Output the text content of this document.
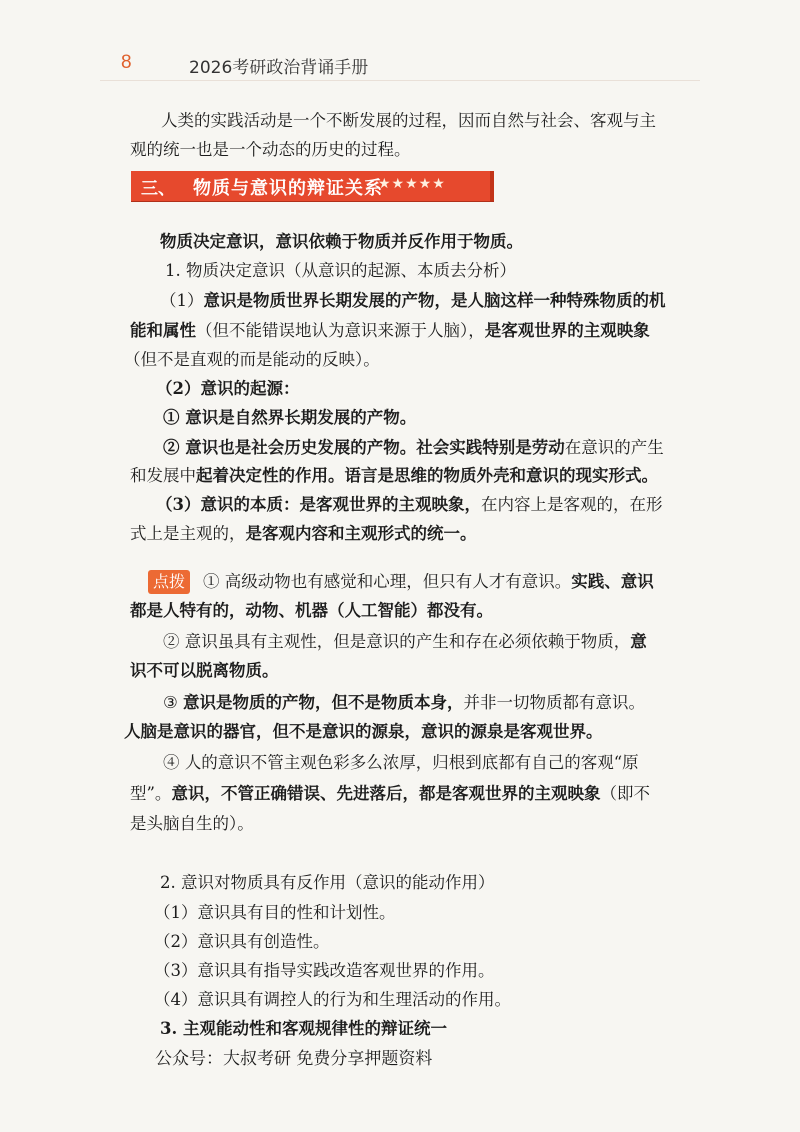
8	2026考研政治背诵手册
人类的实践活动是一个不断发展的过程，因而自然与社会、客观与主
观的统一也是一个动态的历史的过程。
三、 物质与意识的辩证关系
★★★★★
物质决定意识，意识依赖于物质并反作用于物质。
1. 物质决定意识（从意识的起源、本质去分析）
（1）意识是物质世界长期发展的产物，是人脑这样一种特殊物质的机
能和属性（但不能错误地认为意识来源于人脑），是客观世界的主观映象
（但不是直观的而是能动的反映）。
（2）意识的起源：
① 意识是自然界长期发展的产物。
② 意识也是社会历史发展的产物。社会实践特别是劳动在意识的产生
和发展中起着决定性的作用。语言是思维的物质外壳和意识的现实形式。
（3）意识的本质：是客观世界的主观映象，在内容上是客观的，在形
式上是主观的，是客观内容和主观形式的统一。
点拨	① 高级动物也有感觉和心理，但只有人才有意识。实践、意识
都是人特有的，动物、机器（人工智能）都没有。
② 意识虽具有主观性，但是意识的产生和存在必须依赖于物质，意
识不可以脱离物质。
③ 意识是物质的产物，但不是物质本身，并非一切物质都有意识。
人脑是意识的器官，但不是意识的源泉，意识的源泉是客观世界。
④ 人的意识不管主观色彩多么浓厚，归根到底都有自己的客观“原
型”。意识，不管正确错误、先进落后，都是客观世界的主观映象（即不
是头脑自生的）。
2. 意识对物质具有反作用（意识的能动作用）
（1）意识具有目的性和计划性。
（2）意识具有创造性。
（3）意识具有指导实践改造客观世界的作用。
（4）意识具有调控人的行为和生理活动的作用。
3. 主观能动性和客观规律性的辩证统一
公众号：大叔考研 免费分享押题资料
